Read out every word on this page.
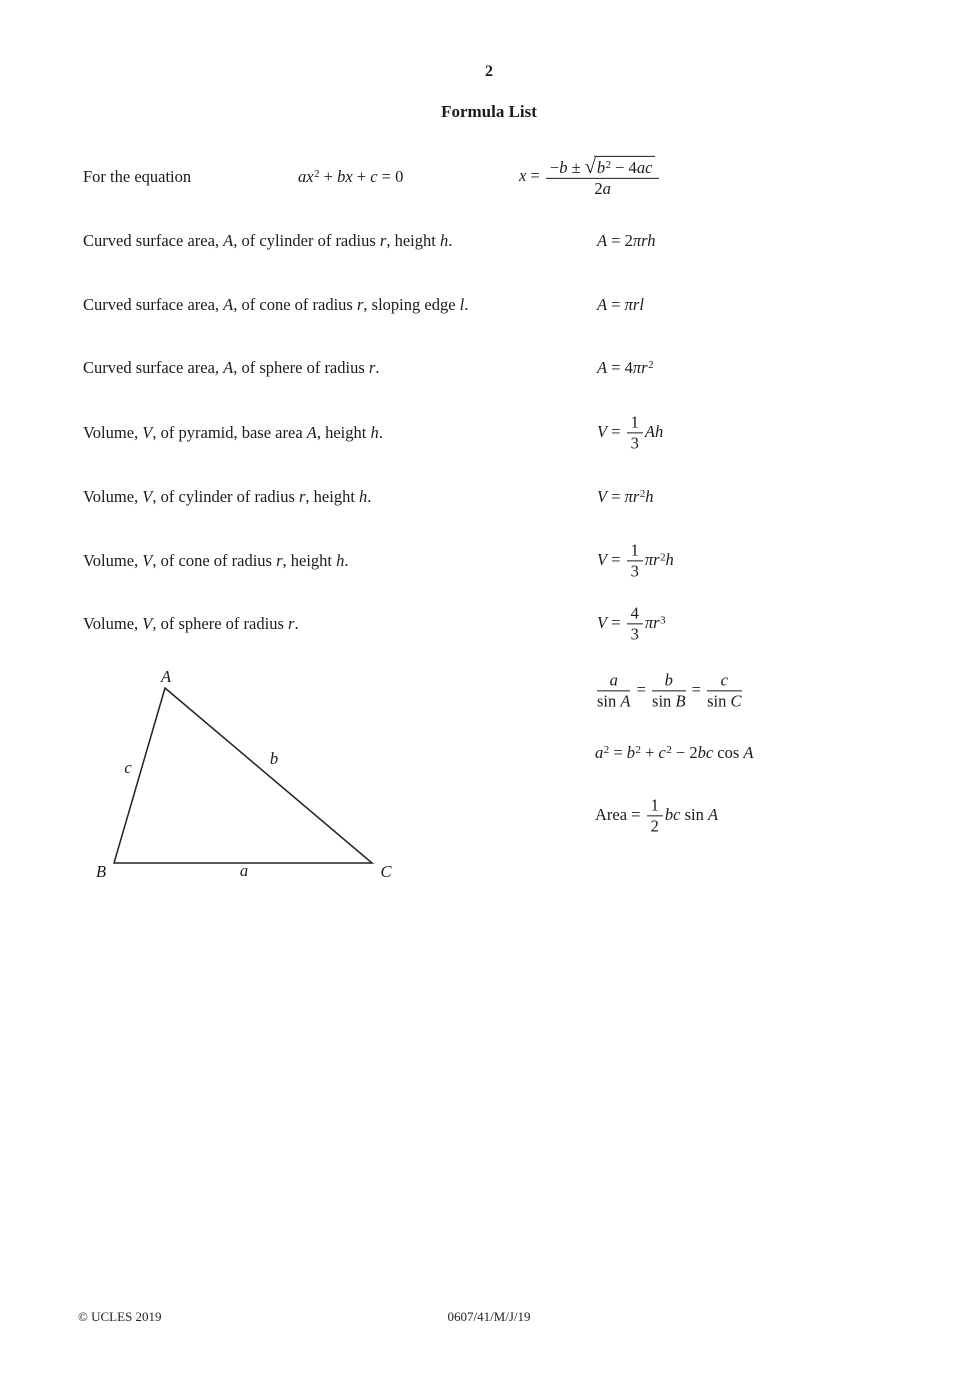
2
Formula List
For the equation	$ax^2$ + bx + c = 0	$x = \frac{-b \pm √b^2 - 4ac}{2a}$
Curved surface area, A, of cylinder of radius r, height h.	A = 2πrh
Curved surface area, A, of cone of radius r, sloping edge l.	A = πrl
Curved surface area, A, of sphere of radius r.	$A = 4\pi r^2$
Volume, V, of pyramid, base area A, height h.	$V = \frac{1}{3}$ Ah
Volume, V, of cylinder of radius r, height h.	$V = \pi r^2h$
Volume, V, of cone of radius r, height h.	$V = \frac{1}{3} \pi r^2h$
Volume, V, of sphere of radius r.	$V = \frac{4}{3} \pi r^3$
A
B	C
a
b
c
$\frac{a}{\text{sin A}} = \frac{b}{\text{sin B}} = \frac{c}{\text{sin C}}$
$a^2 = b^2 + c^2 - 2bc$ cos A
Area = $\frac{1}{2}$ bc sin A
© UCLES 2019	0607/41/M/J/19
